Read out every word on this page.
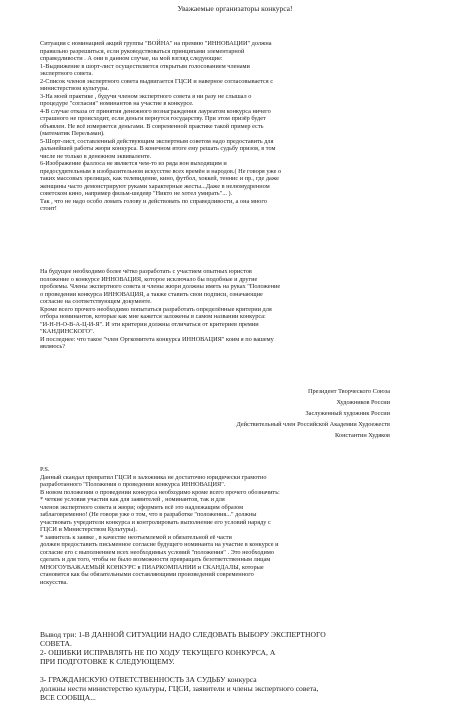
Уважаемые организаторы конкурса!

Ситуация с номинацией акций группы "ВОЙНА" на премию "ИННОВАЦИИ" должна

правильно разрешиться, если руководствоваться принципами элементарной

справедливости . А они в данном случае, на мой взгляд следующие:

1-Выдвижение в шорт-лист осуществляется открытым голосованием членами

экспертного совета.

2-Список членов экспертного совета выдвигается ГЦСИ и наверное согласовывается с

министерством культуры.

3-На моей практике , будучи членом экспертного совета я ни разу не слышал о

процедуре "согласия" номинантов на участие в конкурсе.

4-В случае отказа от принятия денежного вознаграждения лауреатом конкурса ничего

страшного не происходит, если деньги вернутся государству. При этом призёр будет

объявлен. Не всё измеряется деньгами. В современной практике такой пример есть

(математик Перельман).

5-Шорт-лист, составленный действующим экспертным советом надо предоставить для

дальнейшей работы жюри конкурса. В конечном итоге ему решать судьбу призов, в том

числе не только в денежном эквиваленте.

6-Изображение фаллоса не является чем-то из ряда вон выходящим и

предосудительным в изобразительном искусстве всех времён и народов.( Не говоря уже о

таких массовых зрелищах, как телевидение, кино, футбол, хоккей, теннис и пр., где даже

женщины часто демонстрируют руками характерные жесты...Даже в нелюмудренном

советском кино, например фильм-шедевр "Никто не хотел умирать"... ).

Так , что не надо особо ломать голову и действовать по справедливости, а она много

стоит!

На будущее необходимо более чётко разработать с участием опытных юристов

положение о конкурсе ИННОВАЦИЯ, которое исключало бы подобные и другие

проблемы. Члены экспертного совета и члены жюри должны иметь на руках "Положение

о проведении конкурса ИННОВАЦИЯ, а также ставить свои подписи, означающие

согласие на соответствующем документе.

Кроме всего прочего необходимо попытаться разработать определённые критерии для

отбора номинантов, которые как мне кажется заложены в самом названии конкурса:

"И-Н-Н-О-В-А-Ц-И-Я". И эти критерии должны отличаться от критериев премии

"КАНДИНСКОГО".

И последнее: что такое "член Оргкомитета конкурса ИННОВАЦИЯ" коим я по вашему

являюсь?

Президент Творческого Союза

Художников России

Заслуженный художник России

Действительный член Российской Академии Худоежеств

Константин Худяков

P.S.

Данный скандал превратил ГЦСИ в заложника не достаточно юридически грамотно

разработанного "Положения о проведении конкурса ИННОВАЦИЯ".

В новом положении о проведении конкурса необходимо кроме всего прочего обозначить:

* четкие условия участия как для заявителей , номинантов, так и для

членов экспертного совета и жюри; оформить всё это надлежащим образом

заблаговременно! (Не говоря уже о том, что в разработке "положения..." должны

участвовать учредители конкурса и контролировать выполнение его условий наряду с

ГЦСИ и Министерством Культуры).

* заявитель к заявке , в качестве неотъемлемой и обязательной её части

должен предоставить письменное согласие будущего номинанта на участие в конкурсе и

согласие его с выполнением всех необходимых условий "положения" . Это необходимо

сделать и для того, чтобы не было возможности превращать безответственным лицам

МНОГОУВАЖАЕМЫЙ КОНКУРС в ПИАРКОМПАНИИ и СКАНДАЛЫ, которые

становятся как бы обязательными составляющими произведений современного

искусства.

Вывод три: 1-В ДАННОЙ СИТУАЦИИ НАДО СЛЕДОВАТЬ ВЫБОРУ ЭКСПЕРТНОГО

СОВЕТА.

2- ОШИБКИ ИСПРАВЛЯТЬ НЕ ПО ХОДУ ТЕКУЩЕГО КОНКУРСА, А

ПРИ ПОДГОТОВКЕ К СЛЕДУЮЩЕМУ.

3- ГРАЖДАНСКУЮ ОТВЕТСТВЕННОСТЬ ЗА СУДЬБУ конкурса

должны нести министерство культуры, ГЦСИ, заявители и члены экспертного совета,

ВСЕ СООБЩА...
